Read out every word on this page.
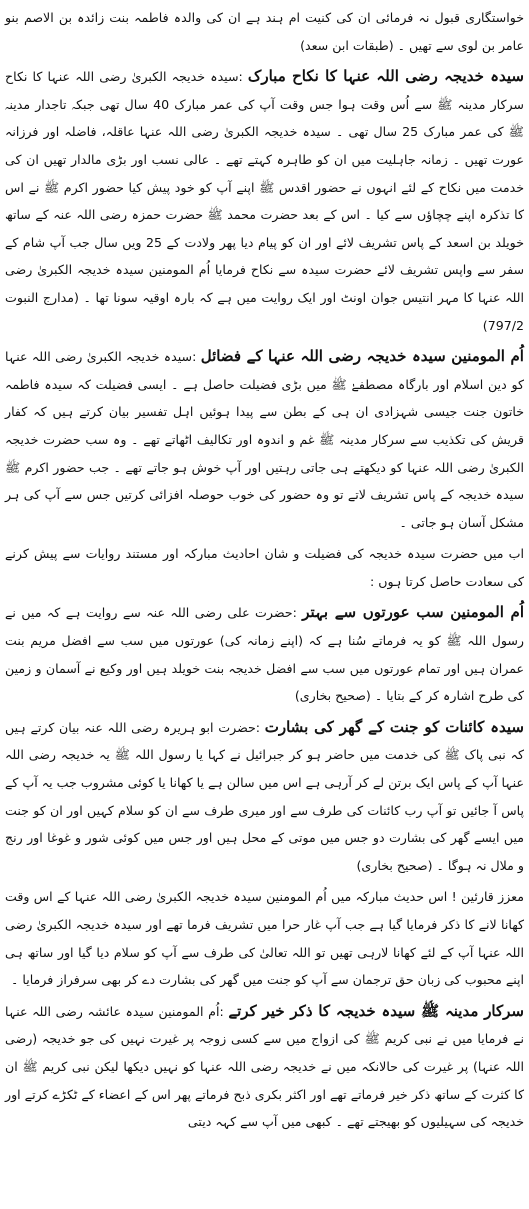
خواستگاری قبول نہ فرمائی ان کی کنیت ام ہند ہے ان کی والدہ فاطمہ بنت زائدہ بن الاصم بنو عامر بن لوی سے تھیں ۔ (طبقات ابن سعد)

سیدہ خدیجہ رضی اللہ عنہا کا نکاح مبارک :سیدہ خدیجہ الکبریٰ رضی اللہ عنہا کا نکاح سرکار مدینہ ﷺ سے اُس وقت ہوا جس وقت آپ کی عمر مبارک 40 سال تھی جبکہ تاجدار مدینہ ﷺ کی عمر مبارک 25 سال تھی ۔ سیدہ خدیجہ الکبریٰ رضی اللہ عنہا عاقلہ، فاضلہ اور فرزانہ عورت تھیں ۔ زمانہ جاہلیت میں ان کو طاہرہ کہتے تھے ۔ عالی نسب اور بڑی مالدار تھیں ان کی خدمت میں نکاح کے لئے انہوں نے حضور اقدس ﷺ اپنے آپ کو خود پیش کیا حضور اکرم ﷺ نے اس کا تذکرہ اپنے چچاؤں سے کیا ۔ اس کے بعد حضرت محمد ﷺ حضرت حمزہ رضی اللہ عنہ کے ساتھ خویلد بن اسعد کے پاس تشریف لائے اور ان کو پیام دیا پھر ولادت کے 25 ویں سال جب آپ شام کے سفر سے واپس تشریف لائے حضرت سیدہ سے نکاح فرمایا اُم المومنین سیدہ خدیجہ الکبریٰ رضی اللہ عنہا کا مہر انتیس جوان اونٹ اور ایک روایت میں ہے کہ بارہ اوقیہ سونا تھا ۔ (مدارج النبوت 797/2)

اُم المومنین سیدہ خدیجہ رضی اللہ عنہا کے فضائل :سیدہ خدیجہ الکبریٰ رضی اللہ عنہا کو دین اسلام اور بارگاہ مصطفےٰ ﷺ میں بڑی فضیلت حاصل ہے ۔ ایسی فضیلت کہ سیدہ فاطمہ خاتون جنت جیسی شہزادی ان ہی کے بطن سے پیدا ہوئیں اہل تفسیر بیان کرتے ہیں کہ کفار قریش کی تکذیب سے سرکار مدینہ ﷺ غم و اندوہ اور تکالیف اٹھاتے تھے ۔ وہ سب حضرت خدیجہ الکبریٰ رضی اللہ عنہا کو دیکھتے ہی جاتی رہتیں اور آپ خوش ہو جاتے تھے ۔ جب حضور اکرم ﷺ سیدہ خدیجہ کے پاس تشریف لاتے تو وہ حضور کی خوب حوصلہ افزائی کرتیں جس سے آپ کی ہر مشکل آسان ہو جاتی ۔

اب میں حضرت سیدہ خدیجہ کی فضیلت و شان احادیث مبارکہ اور مستند روایات سے پیش کرنے کی سعادت حاصل کرتا ہوں :

اُم المومنین سب عورتوں سے بہتر :حضرت علی رضی اللہ عنہ سے روایت ہے کہ میں نے رسول اللہ ﷺ کو یہ فرماتے سُنا ہے کہ (اپنے زمانہ کی) عورتوں میں سب سے افضل مریم بنت عمران ہیں اور تمام عورتوں میں سب سے افضل خدیجہ بنت خویلد ہیں اور وکیع نے آسمان و زمین کی طرح اشارہ کر کے بتایا ۔ (صحیح بخاری)

سیدہ کائنات کو جنت کے گھر کی بشارت :حضرت ابو ہریرہ رضی اللہ عنہ بیان کرتے ہیں کہ نبی پاک ﷺ کی خدمت میں حاضر ہو کر جبرائیل نے کہا یا رسول اللہ ﷺ یہ خدیجہ رضی اللہ عنہا آپ کے پاس ایک برتن لے کر آرہی ہے اس میں سالن ہے یا کھانا یا کوئی مشروب جب یہ آپ کے پاس آ جائیں تو آپ رب کائنات کی طرف سے اور میری طرف سے ان کو سلام کہیں اور ان کو جنت میں ایسے گھر کی بشارت دو جس میں موتی کے محل ہیں اور جس میں کوئی شور و غوغا اور رنج و ملال نہ ہوگا ۔ (صحیح بخاری)

معزز قارئین ! اس حدیث مبارکہ میں اُم المومنین سیدہ خدیجہ الکبریٰ رضی اللہ عنہا کے اس وقت کھانا لانے کا ذکر فرمایا گیا ہے جب آپ غار حرا میں تشریف فرما تھے اور سیدہ خدیجہ الکبریٰ رضی اللہ عنہا آپ کے لئے کھانا لارہی تھیں تو اللہ تعالیٰ کی طرف سے آپ کو سلام دیا گیا اور ساتھ ہی اپنے محبوب کی زبان حق ترجمان سے آپ کو جنت میں گھر کی بشارت دے کر بھی سرفراز فرمایا ۔

سرکار مدینہ ﷺ سیدہ خدیجہ کا ذکر خیر کرتے :اُم المومنین سیدہ عائشہ رضی اللہ عنہا نے فرمایا میں نے نبی کریم ﷺ کی ازواج میں سے کسی زوجہ پر غیرت نہیں کی جو خدیجہ (رضی اللہ عنہا) پر غیرت کی حالانکہ میں نے خدیجہ رضی اللہ عنہا کو نہیں دیکھا لیکن نبی کریم ﷺ ان کا کثرت کے ساتھ ذکر خیر فرماتے تھے اور اکثر بکری ذبح فرماتے پھر اس کے اعضاء کے ٹکڑے کرتے اور خدیجہ کی سہیلیوں کو بھیجتے تھے ۔ کبھی میں آپ سے کہہ دیتی
